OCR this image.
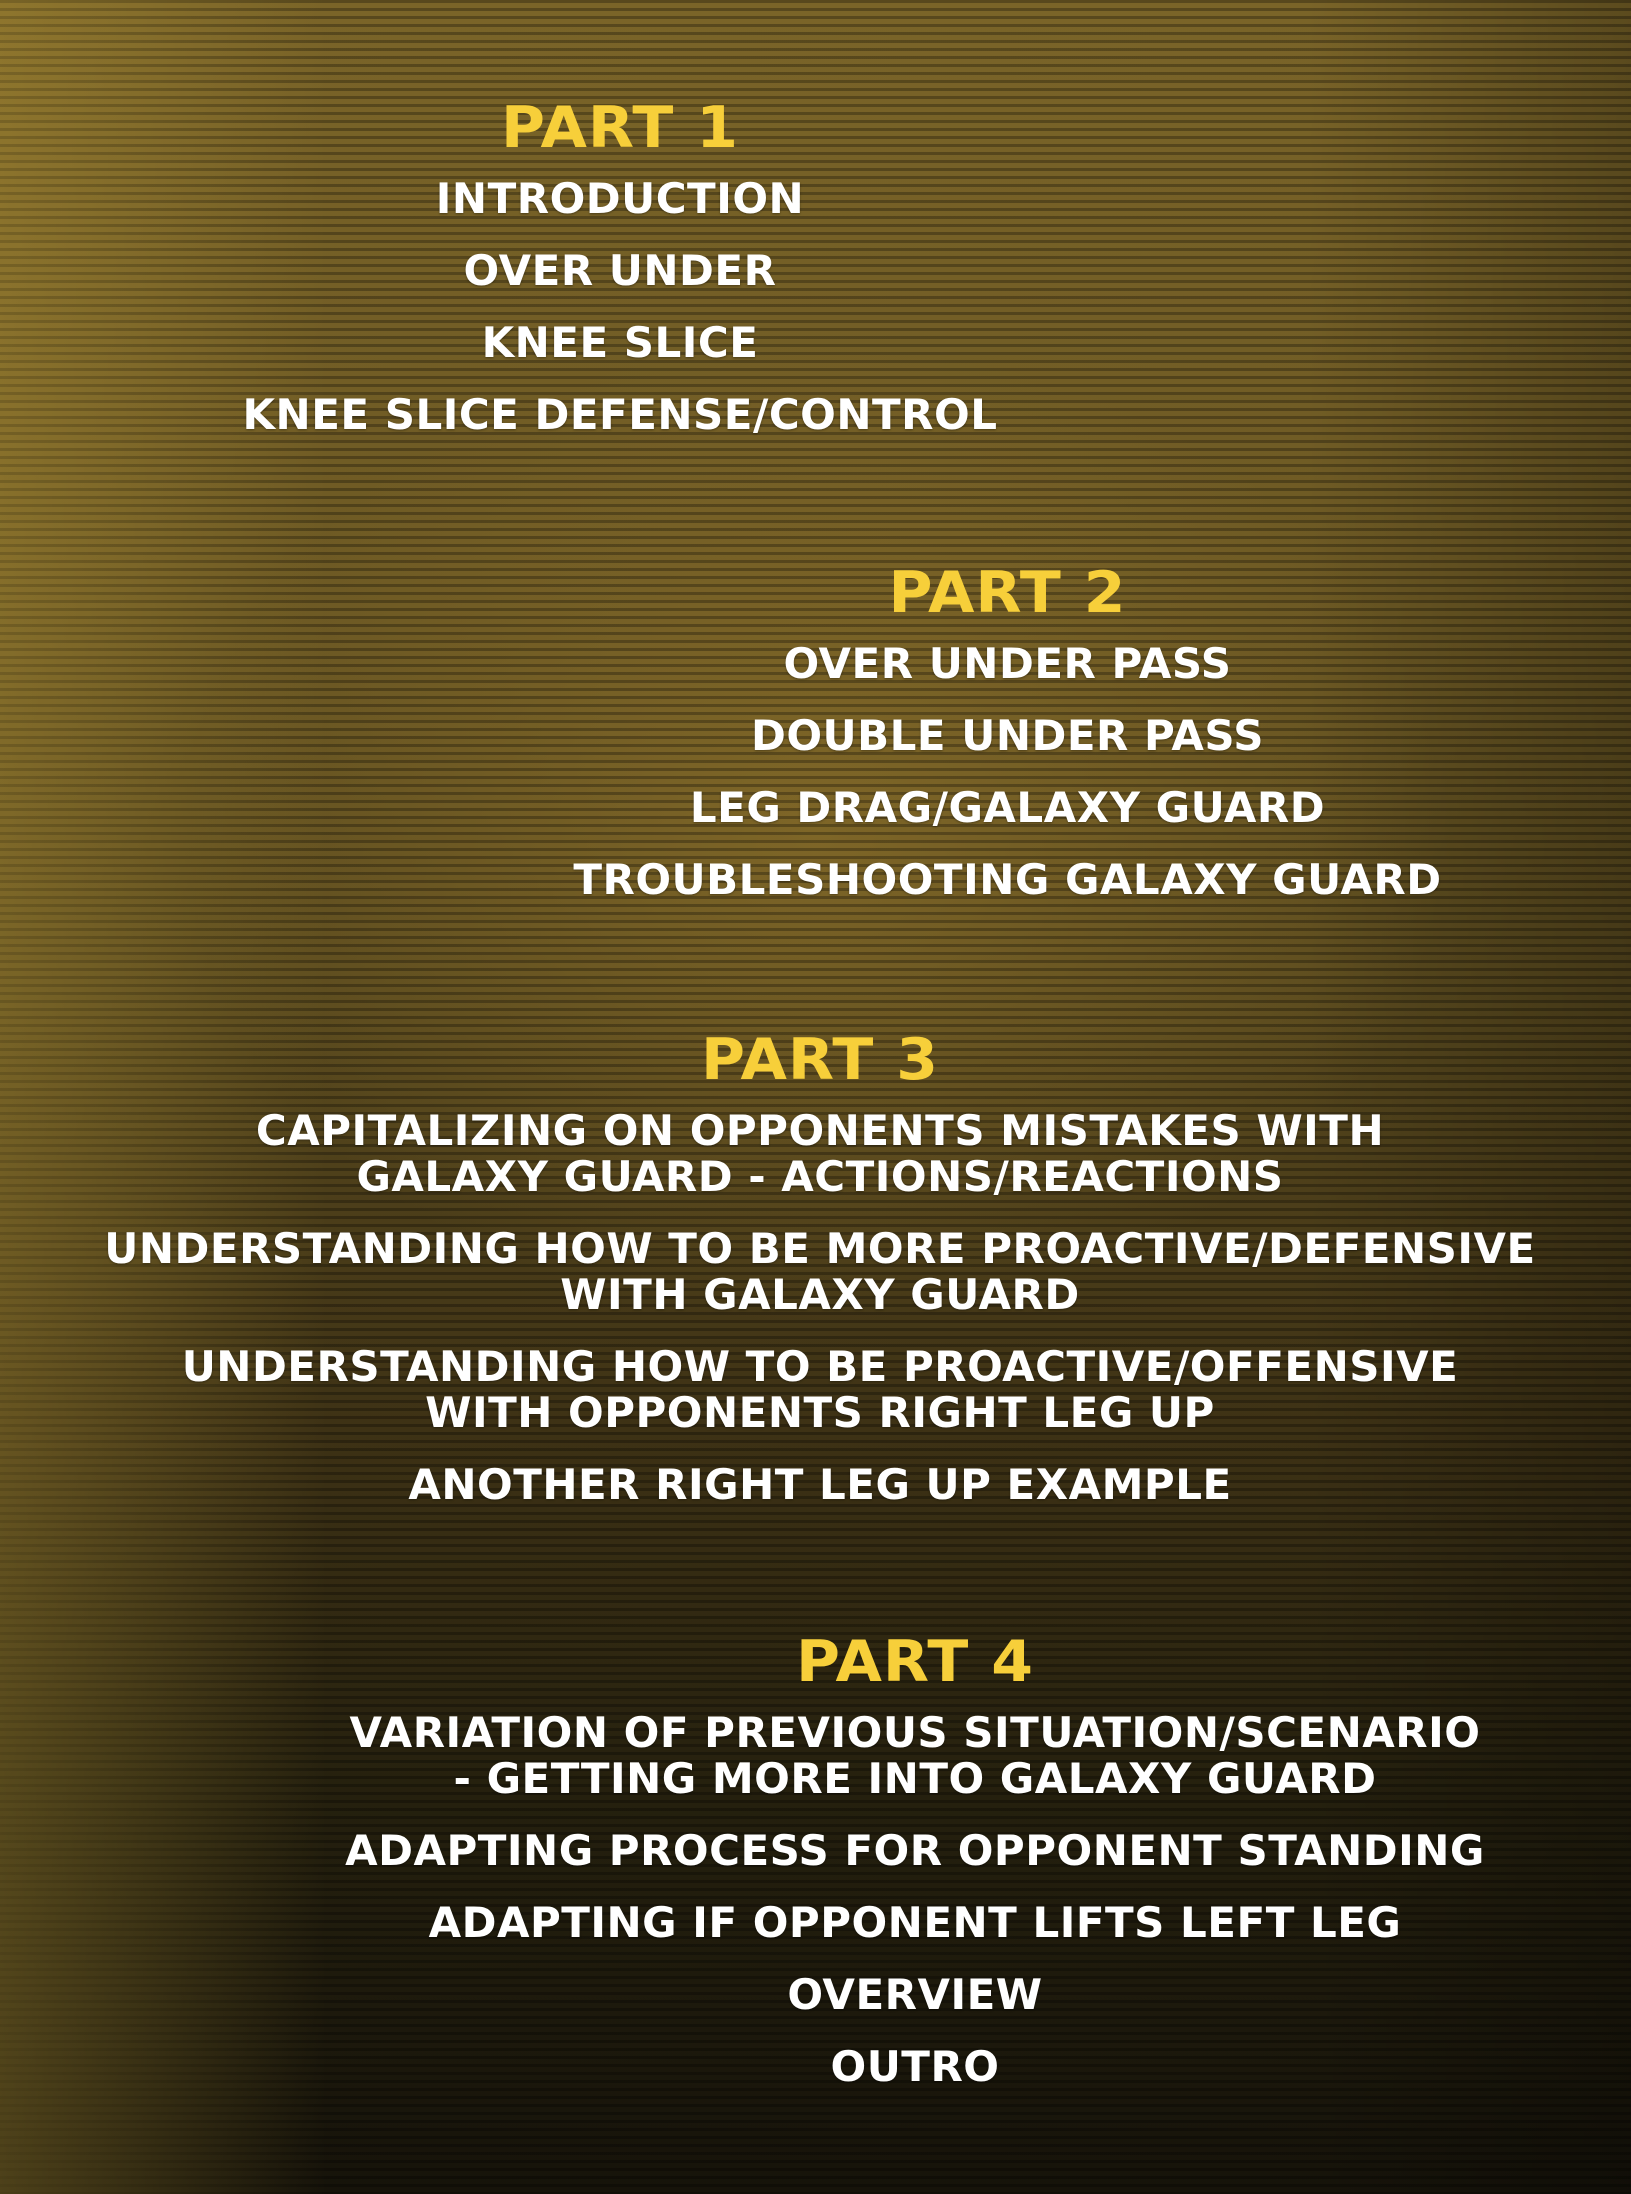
PART 1
INTRODUCTION
OVER UNDER
KNEE SLICE
KNEE SLICE DEFENSE/CONTROL
PART 2
OVER UNDER PASS
DOUBLE UNDER PASS
LEG DRAG/GALAXY GUARD
TROUBLESHOOTING GALAXY GUARD
PART 3
CAPITALIZING ON OPPONENTS MISTAKES WITH
GALAXY GUARD - ACTIONS/REACTIONS
UNDERSTANDING HOW TO BE MORE PROACTIVE/DEFENSIVE
WITH GALAXY GUARD
UNDERSTANDING HOW TO BE PROACTIVE/OFFENSIVE
WITH OPPONENTS RIGHT LEG UP
ANOTHER RIGHT LEG UP EXAMPLE
PART 4
VARIATION OF PREVIOUS SITUATION/SCENARIO
- GETTING MORE INTO GALAXY GUARD
ADAPTING PROCESS FOR OPPONENT STANDING
ADAPTING IF OPPONENT LIFTS LEFT LEG
OVERVIEW
OUTRO
